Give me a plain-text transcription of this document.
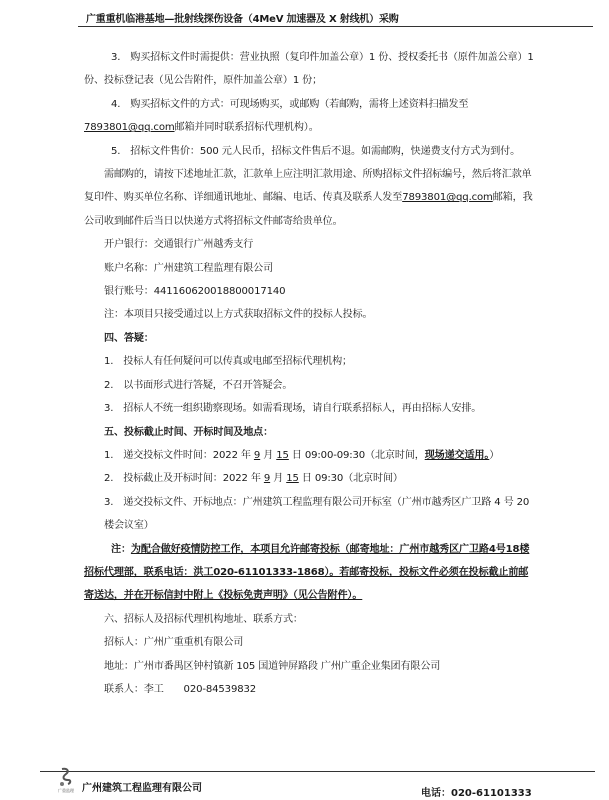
广重重机临港基地—批射线探伤设备（4MeV 加速器及 X 射线机）采购

3.　购买招标文件时需提供：营业执照（复印件加盖公章）1 份、授权委托书（原件加盖公章）1 份、投标登记表（见公告附件，原件加盖公章）1 份；

4.　购买招标文件的方式：可现场购买，或邮购（若邮购，需将上述资料扫描发至 7893801@qq.com邮箱并同时联系招标代理机构）。

5.　招标文件售价：500 元人民币，招标文件售后不退。如需邮购，快递费支付方式为到付。

需邮购的，请按下述地址汇款，汇款单上应注明汇款用途、所购招标文件招标编号，然后将汇款单复印件、购买单位名称、详细通讯地址、邮编、电话、传真及联系人发至7893801@qq.com邮箱，我公司收到邮件后当日以快递方式将招标文件邮寄给贵单位。

开户银行：交通银行广州越秀支行

账户名称：广州建筑工程监理有限公司

银行账号：441160620018800017140

注：本项目只接受通过以上方式获取招标文件的投标人投标。

四、答疑：

1.　投标人有任何疑问可以传真或电邮至招标代理机构；

2.　以书面形式进行答疑，不召开答疑会。

3.　招标人不统一组织勘察现场。如需看现场，请自行联系招标人，再由招标人安排。

五、投标截止时间、开标时间及地点：

1.　递交投标文件时间：2022 年 9 月 15 日 09:00-09:30（北京时间，现场递交适用。）

2.　投标截止及开标时间：2022 年 9 月 15 日 09:30（北京时间）

3.　递交投标文件、开标地点：广州建筑工程监理有限公司开标室（广州市越秀区广卫路 4 号 20 楼会议室）

注：为配合做好疫情防控工作，本项目允许邮寄投标（邮寄地址：广州市越秀区广卫路4号18楼招标代理部，联系电话：洪工020-61101333-1868）。若邮寄投标，投标文件必须在投标截止前邮寄送达，并在开标信封中附上《投标免责声明》（见公告附件）。

六、招标人及招标代理机构地址、联系方式：

招标人：广州广重重机有限公司

地址：广州市番禺区钟村镇新 105 国道钟屏路段 广州广重企业集团有限公司

联系人：李工　　020-84539832

广重监理 广州建筑工程监理有限公司	电话：020-61101333
